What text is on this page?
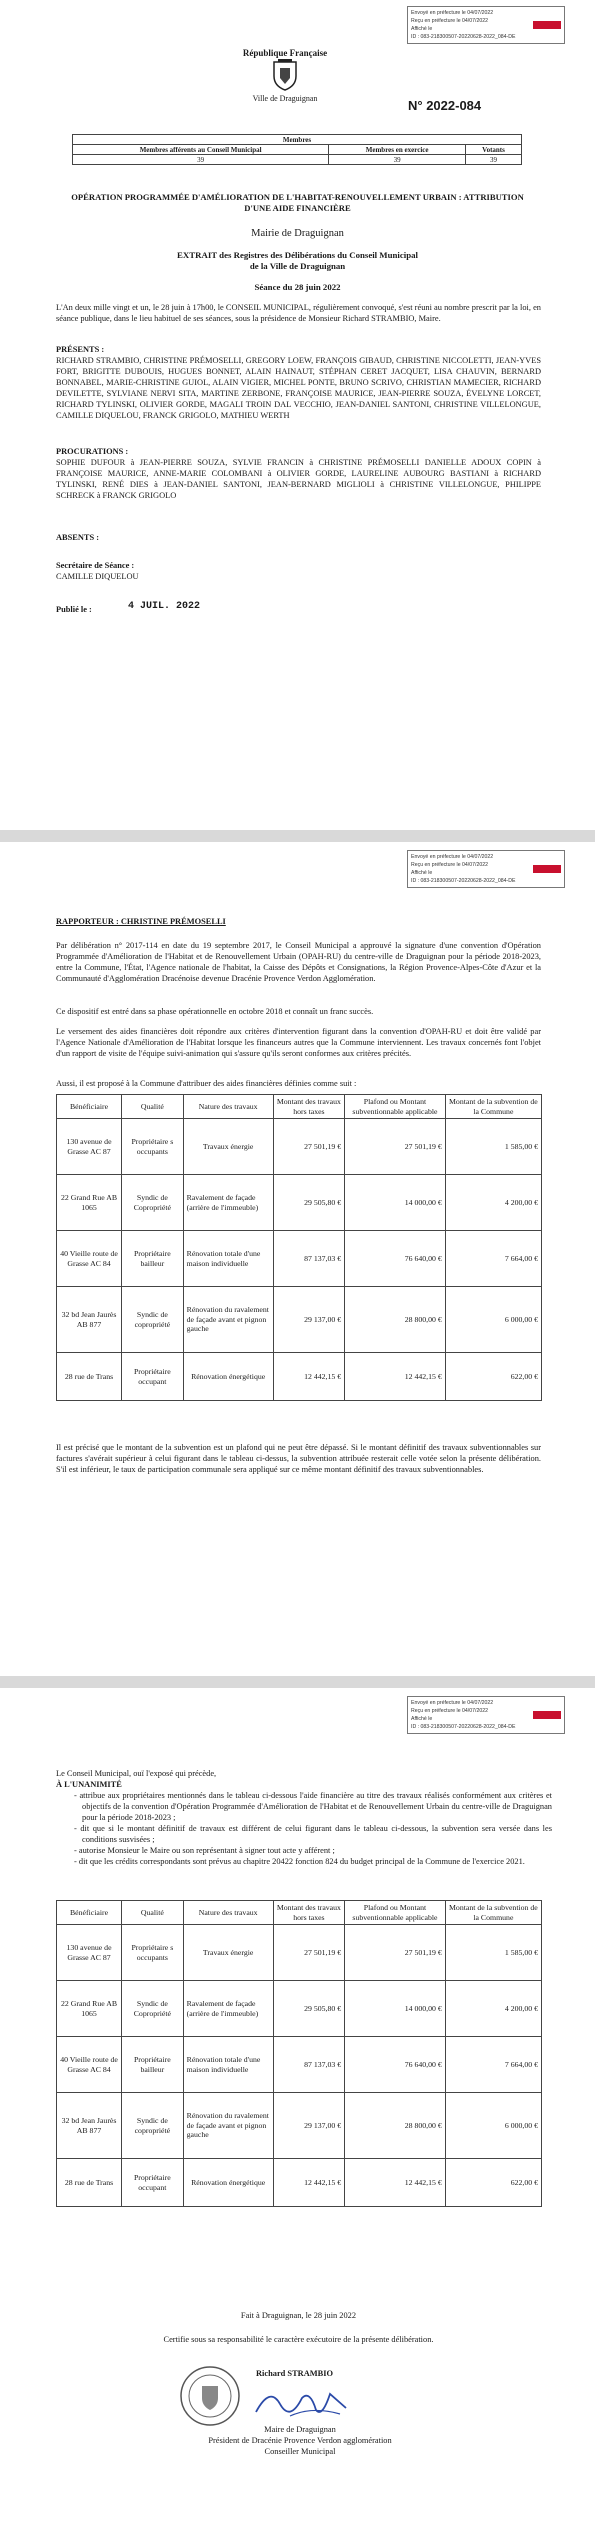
Envoyé en préfecture le 04/07/2022
Reçu en préfecture le 04/07/2022
Affiché le
ID : 083-218300507-20220628-2022_084-DE
République Française
Ville de Draguignan	N° 2022-084
Membres		
Membres afférents au Conseil Municipal	Membres en exercice	Votants
39	39	39
OPÉRATION PROGRAMMÉE D'AMÉLIORATION DE L'HABITAT-RENOUVELLEMENT URBAIN : ATTRIBUTION D'UNE AIDE FINANCIÈRE
Mairie de Draguignan
EXTRAIT des Registres des Délibérations du Conseil Municipal
de la Ville de Draguignan
Séance du 28 juin 2022
L'An deux mille vingt et un, le 28 juin à 17h00, le CONSEIL MUNICIPAL, régulièrement convoqué, s'est réuni au nombre prescrit par la loi, en séance publique, dans le lieu habituel de ses séances, sous la présidence de Monsieur Richard STRAMBIO, Maire.
PRÉSENTS :
RICHARD STRAMBIO, CHRISTINE PRÉMOSELLI, GREGORY LOEW, FRANÇOIS GIBAUD, CHRISTINE NICCOLETTI, JEAN-YVES FORT, BRIGITTE DUBOUIS, HUGUES BONNET, ALAIN HAINAUT, STÉPHAN CERET JACQUET, LISA CHAUVIN, BERNARD BONNABEL, MARIE-CHRISTINE GUIOL, ALAIN VIGIER, MICHEL PONTE, BRUNO SCRIVO, CHRISTIAN MAMECIER, RICHARD DEVILETTE, SYLVIANE NERVI SITA, MARTINE ZERBONE, FRANÇOISE MAURICE, JEAN-PIERRE SOUZA, ÉVELYNE LORCET, RICHARD TYLINSKI, OLIVIER GORDE, MAGALI TROIN DAL VECCHIO, JEAN-DANIEL SANTONI, CHRISTINE VILLELONGUE, CAMILLE DIQUELOU, FRANCK GRIGOLO, MATHIEU WERTH
PROCURATIONS :
SOPHIE DUFOUR à JEAN-PIERRE SOUZA, SYLVIE FRANCIN à CHRISTINE PRÉMOSELLI DANIELLE ADOUX COPIN à FRANÇOISE MAURICE, ANNE-MARIE COLOMBANI à OLIVIER GORDE, LAURELINE AUBOURG BASTIANI à RICHARD TYLINSKI, RENÉ DIES à JEAN-DANIEL SANTONI, JEAN-BERNARD MIGLIOLI à CHRISTINE VILLELONGUE, PHILIPPE SCHRECK à FRANCK GRIGOLO
ABSENTS :
Secrétaire de Séance :
CAMILLE DIQUELOU
Publié le :	4 JUIL. 2022
Envoyé en préfecture le 04/07/2022
Reçu en préfecture le 04/07/2022
Affiché le
ID : 083-218300507-20220628-2022_084-DE
RAPPORTEUR : CHRISTINE PRÉMOSELLI
Par délibération n° 2017-114 en date du 19 septembre 2017, le Conseil Municipal a approuvé la signature d'une convention d'Opération Programmée d'Amélioration de l'Habitat et de Renouvellement Urbain (OPAH-RU) du centre-ville de Draguignan pour la période 2018-2023, entre la Commune, l'État, l'Agence nationale de l'habitat, la Caisse des Dépôts et Consignations, la Région Provence-Alpes-Côte d'Azur et la Communauté d'Agglomération Dracénoise devenue Dracénie Provence Verdon Agglomération.
Ce dispositif est entré dans sa phase opérationnelle en octobre 2018 et connaît un franc succès.
Le versement des aides financières doit répondre aux critères d'intervention figurant dans la convention d'OPAH-RU et doit être validé par l'Agence Nationale d'Amélioration de l'Habitat lorsque les financeurs autres que la Commune interviennent. Les travaux concernés font l'objet d'un rapport de visite de l'équipe suivi-animation qui s'assure qu'ils seront conformes aux critères précités.
Aussi, il est proposé à la Commune d'attribuer des aides financières définies comme suit :
Bénéficiaire	Qualité	Nature des travaux	Montant des travaux hors taxes	Plafond ou Montant subventionnable applicable	Montant de la subvention de la Commune
130 avenue de Grasse AC 87	Propriétaire s occupants	Travaux énergie	27 501,19 €	27 501,19 €	1 585,00 €
22 Grand Rue AB 1065	Syndic de Copropriété	Ravalement de façade (arrière de l'immeuble)	29 505,80 €	14 000,00 €	4 200,00 €
40 Vieille route de Grasse AC 84	Propriétaire bailleur	Rénovation totale d'une maison individuelle	87 137,03 €	76 640,00 €	7 664,00 €
32 bd Jean Jaurès AB 877	Syndic de copropriété	Rénovation du ravalement de façade avant et pignon gauche	29 137,00 €	28 800,00 €	6 000,00 €
28 rue de Trans	Propriétaire occupant	Rénovation énergétique	12 442,15 €	12 442,15 €	622,00 €
Il est précisé que le montant de la subvention est un plafond qui ne peut être dépassé. Si le montant définitif des travaux subventionnables sur factures s'avérait supérieur à celui figurant dans le tableau ci-dessus, la subvention attribuée resterait celle votée selon la présente délibération. S'il est inférieur, le taux de participation communale sera appliqué sur ce même montant définitif des travaux subventionnables.
Envoyé en préfecture le 04/07/2022
Reçu en préfecture le 04/07/2022
Affiché le
ID : 083-218300507-20220628-2022_084-DE
Le Conseil Municipal, ouï l'exposé qui précède,
À L'UNANIMITÉ
- attribue aux propriétaires mentionnés dans le tableau ci-dessous l'aide financière au titre des travaux réalisés conformément aux critères et objectifs de la convention d'Opération Programmée d'Amélioration de l'Habitat et de Renouvellement Urbain du centre-ville de Draguignan pour la période 2018-2023 ;
- dit que si le montant définitif de travaux est différent de celui figurant dans le tableau ci-dessous, la subvention sera versée dans les conditions susvisées ;
- autorise Monsieur le Maire ou son représentant à signer tout acte y afférent ;
- dit que les crédits correspondants sont prévus au chapitre 20422 fonction 824 du budget principal de la Commune de l'exercice 2021.
Bénéficiaire	Qualité	Nature des travaux	Montant des travaux hors taxes	Plafond ou Montant subventionnable applicable	Montant de la subvention de la Commune
130 avenue de Grasse AC 87	Propriétaire s occupants	Travaux énergie	27 501,19 €	27 501,19 €	1 585,00 €
22 Grand Rue AB 1065	Syndic de Copropriété	Ravalement de façade (arrière de l'immeuble)	29 505,80 €	14 000,00 €	4 200,00 €
40 Vieille route de Grasse AC 84	Propriétaire bailleur	Rénovation totale d'une maison individuelle	87 137,03 €	76 640,00 €	7 664,00 €
32 bd Jean Jaurès AB 877	Syndic de copropriété	Rénovation du ravalement de façade avant et pignon gauche	29 137,00 €	28 800,00 €	6 000,00 €
28 rue de Trans	Propriétaire occupant	Rénovation énergétique	12 442,15 €	12 442,15 €	622,00 €
Fait à Draguignan, le 28 juin 2022
Certifie sous sa responsabilité le caractère exécutoire de la présente délibération.
Richard STRAMBIO
Maire de Draguignan
Président de Dracénie Provence Verdon agglomération
Conseiller Municipal
